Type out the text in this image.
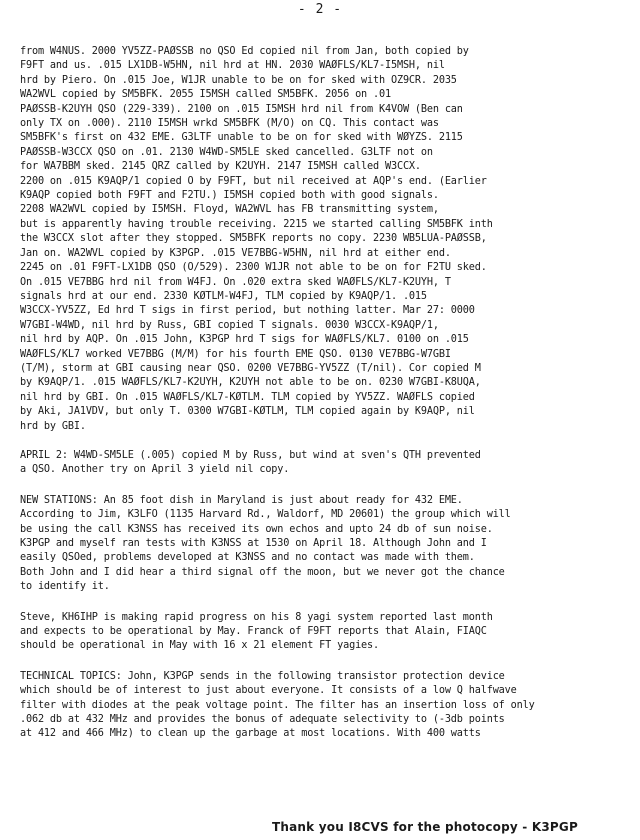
- 2 -
from W4NUS. 2000 YV5ZZ-PAØSSB no QSO Ed copied nil from Jan, both copied by
F9FT and us. .015 LX1DB-W5HN, nil hrd at HN. 2030 WAØFLS/KL7-I5MSH, nil
hrd by Piero. On .015 Joe, W1JR unable to be on for sked with OZ9CR. 2035
WA2WVL copied by SM5BFK. 2055 I5MSH called SM5BFK. 2056 on .01
PAØSSB-K2UYH QSO (229-339). 2100 on .015 I5MSH hrd nil from K4VOW (Ben can
only TX on .000). 2110 I5MSH wrkd SM5BFK (M/O) on CQ. This contact was
SM5BFK's first on 432 EME. G3LTF unable to be on for sked with WØYZS. 2115
PAØSSB-W3CCX QSO on .01. 2130 W4WD-SM5LE sked cancelled. G3LTF not on
for WA7BBM sked. 2145 QRZ called by K2UYH. 2147 I5MSH called W3CCX.
2200 on .015 K9AQP/1 copied O by F9FT, but nil received at AQP's end. (Earlier
K9AQP copied both F9FT and F2TU.) I5MSH copied both with good signals.
2208 WA2WVL copied by I5MSH. Floyd, WA2WVL has FB transmitting system,
but is apparently having trouble receiving. 2215 we started calling SM5BFK inth
the W3CCX slot after they stopped. SM5BFK reports no copy. 2230 WB5LUA-PAØSSB,
Jan on. WA2WVL copied by K3PGP. .015 VE7BBG-W5HN, nil hrd at either end.
2245 on .01 F9FT-LX1DB QSO (O/529). 2300 W1JR not able to be on for F2TU sked.
On .015 VE7BBG hrd nil from W4FJ. On .020 extra sked WAØFLS/KL7-K2UYH, T
signals hrd at our end. 2330 KØTLM-W4FJ, TLM copied by K9AQP/1. .015
W3CCX-YV5ZZ, Ed hrd T sigs in first period, but nothing latter. Mar 27: 0000
W7GBI-W4WD, nil hrd by Russ, GBI copied T signals. 0030 W3CCX-K9AQP/1,
nil hrd by AQP. On .015 John, K3PGP hrd T sigs for WAØFLS/KL7. 0100 on .015
WAØFLS/KL7 worked VE7BBG (M/M) for his fourth EME QSO. 0130 VE7BBG-W7GBI
(T/M), storm at GBI causing near QSO. 0200 VE7BBG-YV5ZZ (T/nil). Cor copied M
by K9AQP/1. .015 WAØFLS/KL7-K2UYH, K2UYH not able to be on. 0230 W7GBI-K8UQA,
nil hrd by GBI. On .015 WAØFLS/KL7-KØTLM. TLM copied by YV5ZZ. WAØFLS copied
by Aki, JA1VDV, but only T. 0300 W7GBI-KØTLM, TLM copied again by K9AQP, nil
hrd by GBI.
APRIL 2: W4WD-SM5LE (.005) copied M by Russ, but wind at sven's QTH prevented
a QSO. Another try on April 3 yield nil copy.
NEW STATIONS: An 85 foot dish in Maryland is just about ready for 432 EME.
According to Jim, K3LFO (1135 Harvard Rd., Waldorf, MD 20601) the group which will
be using the call K3NSS has received its own echos and upto 24 db of sun noise.
K3PGP and myself ran tests with K3NSS at 1530 on April 18. Although John and I
easily QSOed, problems developed at K3NSS and no contact was made with them.
Both John and I did hear a third signal off the moon, but we never got the chance
to identify it.
Steve, KH6IHP is making rapid progress on his 8 yagi system reported last month
and expects to be operational by May. Franck of F9FT reports that Alain, FIAQC
should be operational in May with 16 x 21 element FT yagies.
TECHNICAL TOPICS: John, K3PGP sends in the following transistor protection device
which should be of interest to just about everyone. It consists of a low Q halfwave
filter with diodes at the peak voltage point. The filter has an insertion loss of only
.062 db at 432 MHz and provides the bonus of adequate selectivity to (-3db points
at 412 and 466 MHz) to clean up the garbage at most locations. With 400 watts
Thank you I8CVS for the photocopy - K3PGP
